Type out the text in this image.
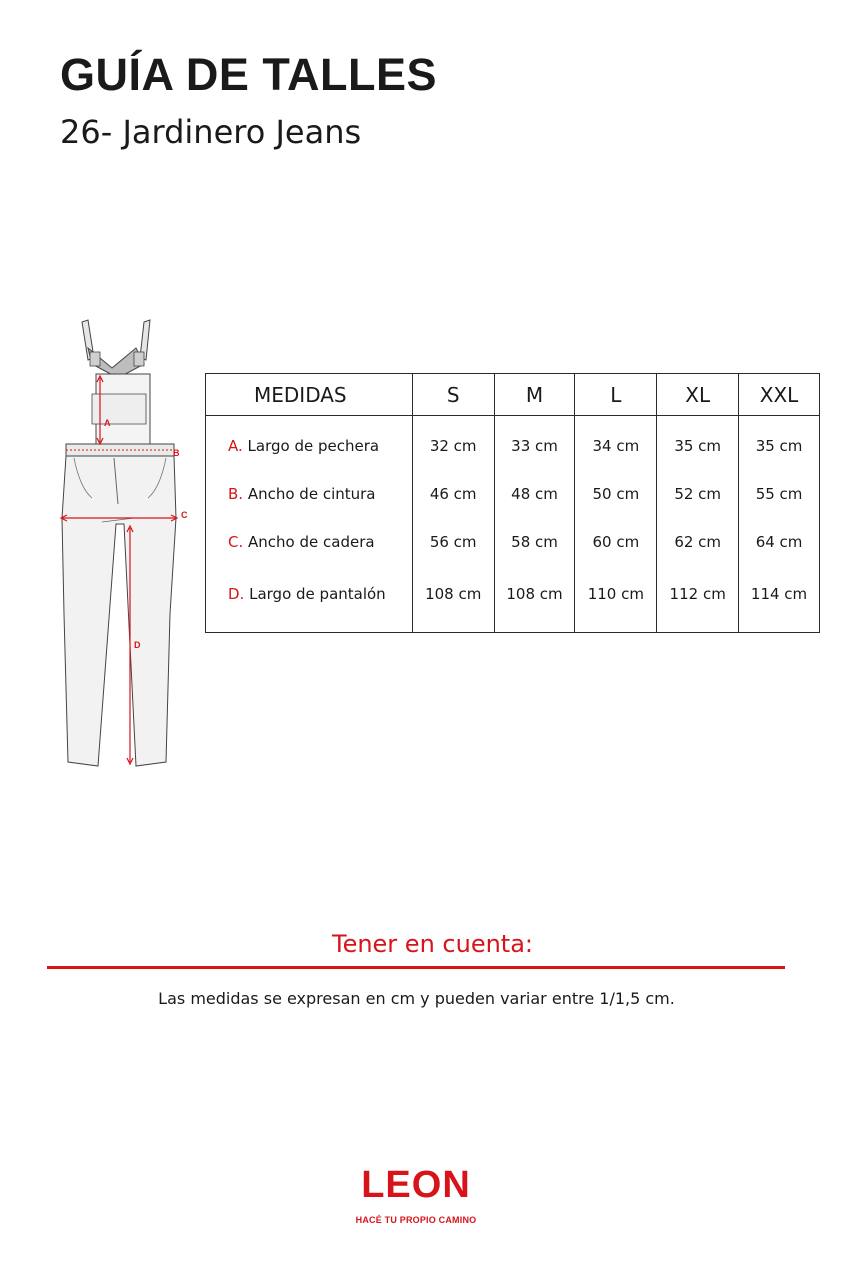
GUÍA DE TALLES
26- Jardinero Jeans
A
B
C
D
MEDIDAS	S	M	L	XL	XXL
A. Largo de pechera	32 cm	33 cm	34 cm	35 cm	35 cm
B. Ancho de cintura	46 cm	48 cm	50 cm	52 cm	55 cm
C. Ancho de cadera	56 cm	58 cm	60 cm	62 cm	64 cm
D. Largo de pantalón	108 cm	108 cm	110 cm	112 cm	114 cm
Tener en cuenta:
Las medidas se expresan en cm y pueden variar entre 1/1,5 cm.
LEON
HACÉ TU PROPIO CAMINO
